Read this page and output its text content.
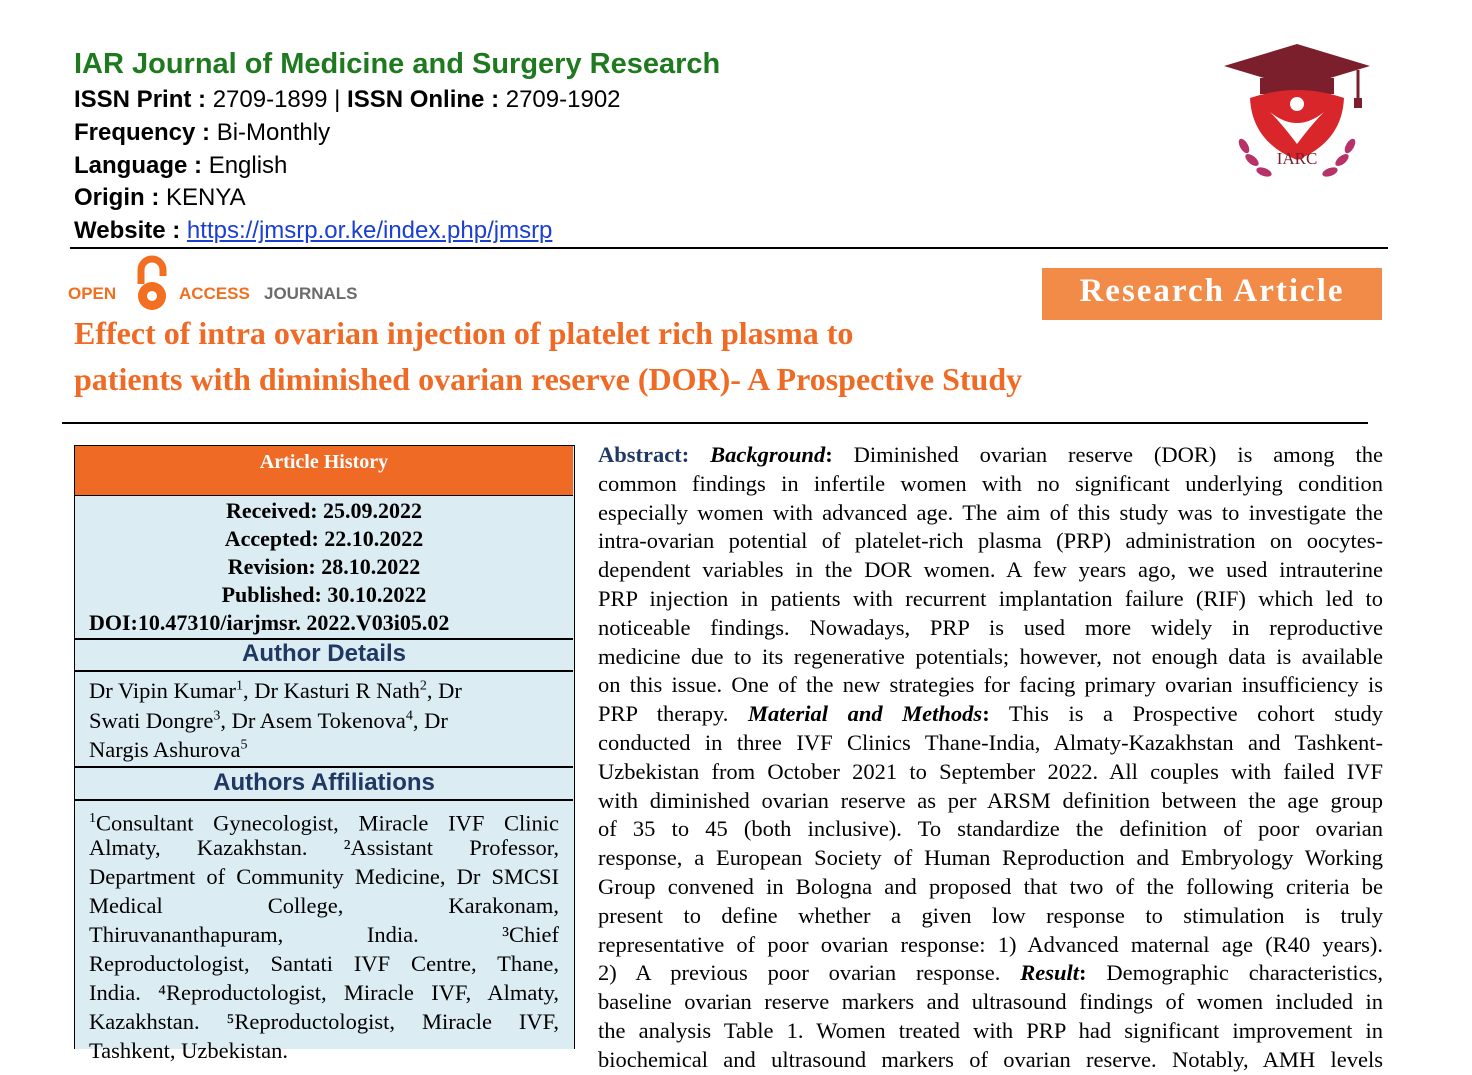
IAR Journal of Medicine and Surgery Research
ISSN Print : 2709-1899 | ISSN Online : 2709-1902
Frequency : Bi-Monthly
Language : English
Origin : KENYA
Website : https://jmsrp.or.ke/index.php/jmsrp
IARC
OPEN	ACCESS JOURNALS	Research Article
Effect of intra ovarian injection of platelet rich plasma to
patients with diminished ovarian reserve (DOR)- A Prospective Study
Article History
Received: 25.09.2022
Accepted: 22.10.2022
Revision: 28.10.2022
Published: 30.10.2022
DOI:10.47310/iarjmsr. 2022.V03i05.02
Author Details
Dr Vipin Kumar$^1$, Dr Kasturi R Nath$^2$, Dr
Swati Dongre$^3$, Dr Asem Tokenova$^4$, Dr
Nargis Ashurova$^5$
Authors Affiliations
$^1$Consultant Gynecologist, Miracle IVF Clinic
Almaty, Kazakhstan. ²Assistant Professor,
Department of Community Medicine, Dr SMCSI
Medical College, Karakonam,
Thiruvananthapuram, India. ³Chief
Reproductologist, Santati IVF Centre, Thane,
India. ⁴Reproductologist, Miracle IVF, Almaty,
Kazakhstan. ⁵Reproductologist, Miracle IVF,
Tashkent, Uzbekistan.
Abstract: Background: Diminished ovarian reserve (DOR) is among the
common findings in infertile women with no significant underlying condition
especially women with advanced age. The aim of this study was to investigate the
intra-ovarian potential of platelet-rich plasma (PRP) administration on oocytes-
dependent variables in the DOR women. A few years ago, we used intrauterine
PRP injection in patients with recurrent implantation failure (RIF) which led to
noticeable findings. Nowadays, PRP is used more widely in reproductive
medicine due to its regenerative potentials; however, not enough data is available
on this issue. One of the new strategies for facing primary ovarian insufficiency is
PRP therapy. Material and Methods: This is a Prospective cohort study
conducted in three IVF Clinics Thane-India, Almaty-Kazakhstan and Tashkent-
Uzbekistan from October 2021 to September 2022. All couples with failed IVF
with diminished ovarian reserve as per ARSM definition between the age group
of 35 to 45 (both inclusive). To standardize the definition of poor ovarian
response, a European Society of Human Reproduction and Embryology Working
Group convened in Bologna and proposed that two of the following criteria be
present to define whether a given low response to stimulation is truly
representative of poor ovarian response: 1) Advanced maternal age (R40 years).
2) A previous poor ovarian response. Result: Demographic characteristics,
baseline ovarian reserve markers and ultrasound findings of women included in
the analysis Table 1. Women treated with PRP had significant improvement in
biochemical and ultrasound markers of ovarian reserve. Notably, AMH levels
